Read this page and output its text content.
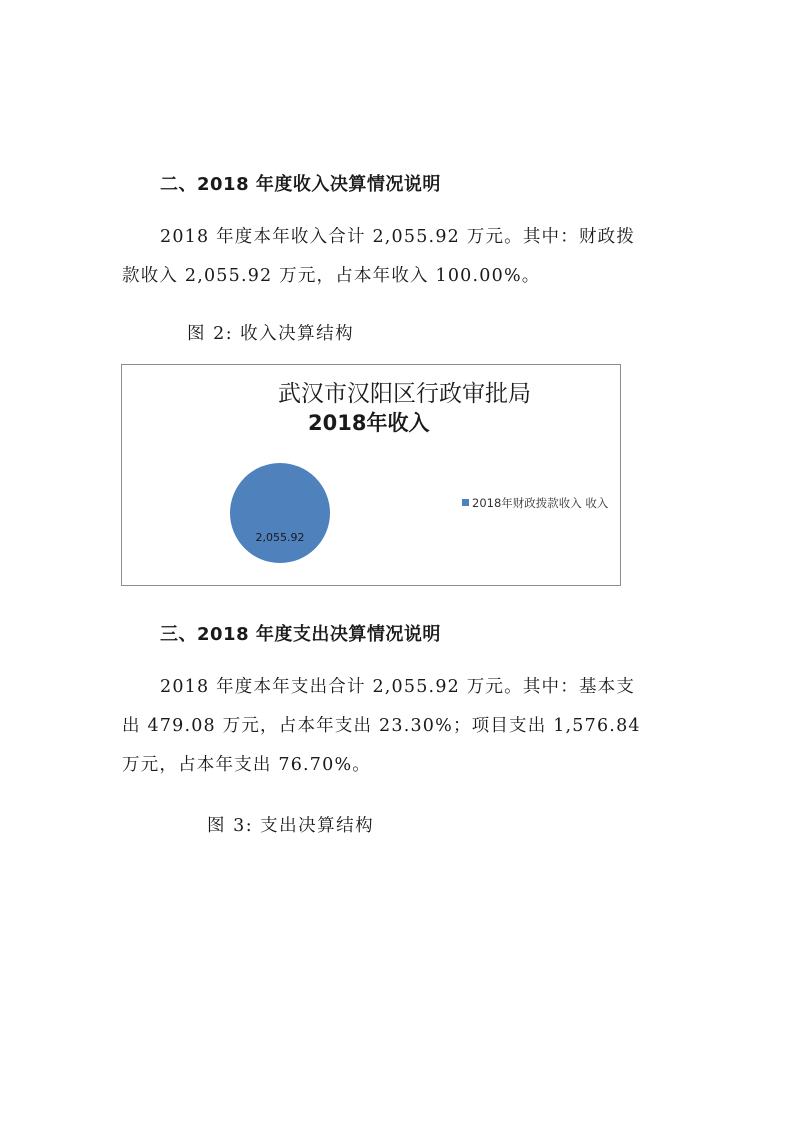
二、2018 年度收入决算情况说明

2018 年度本年收入合计 2,055.92 万元。其中：财政拨
款收入 2,055.92 万元，占本年收入 100.00%。

图 2: 收入决算结构

武汉市汉阳区行政审批局
2018年收入
2,055.92
2018年财政拨款收入 收入
三、2018 年度支出决算情况说明

2018 年度本年支出合计 2,055.92 万元。其中：基本支
出 479.08 万元，占本年支出 23.30%；项目支出 1,576.84
万元，占本年支出 76.70%。

图 3: 支出决算结构
